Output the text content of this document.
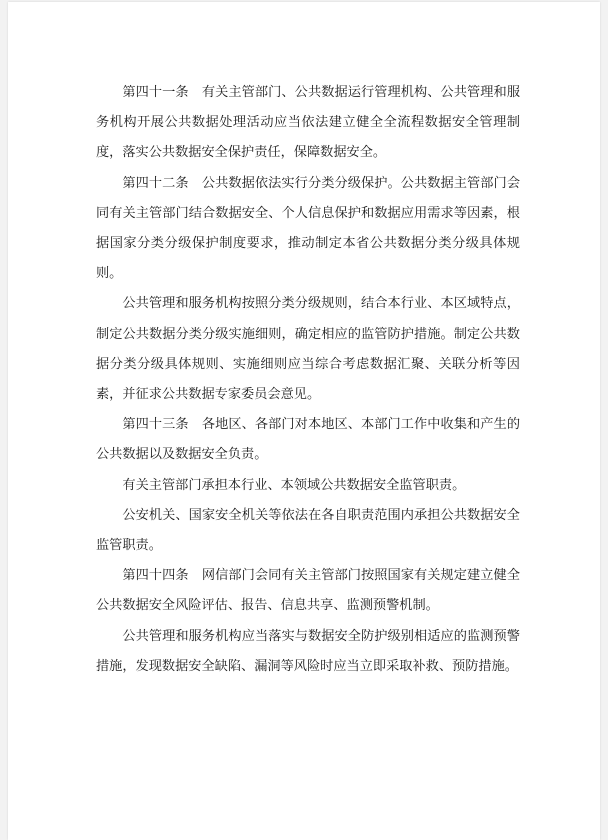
第四十一条 有关主管部门、公共数据运行管理机构、公共管理和服务机构开展公共数据处理活动应当依法建立健全全流程数据安全管理制度，落实公共数据安全保护责任，保障数据安全。

第四十二条 公共数据依法实行分类分级保护。公共数据主管部门会同有关主管部门结合数据安全、个人信息保护和数据应用需求等因素，根据国家分类分级保护制度要求，推动制定本省公共数据分类分级具体规则。

公共管理和服务机构按照分类分级规则，结合本行业、本区域特点，制定公共数据分类分级实施细则，确定相应的监管防护措施。制定公共数据分类分级具体规则、实施细则应当综合考虑数据汇聚、关联分析等因素，并征求公共数据专家委员会意见。

第四十三条 各地区、各部门对本地区、本部门工作中收集和产生的公共数据以及数据安全负责。

有关主管部门承担本行业、本领域公共数据安全监管职责。

公安机关、国家安全机关等依法在各自职责范围内承担公共数据安全监管职责。

第四十四条 网信部门会同有关主管部门按照国家有关规定建立健全公共数据安全风险评估、报告、信息共享、监测预警机制。

公共管理和服务机构应当落实与数据安全防护级别相适应的监测预警措施，发现数据安全缺陷、漏洞等风险时应当立即采取补救、预防措施。
